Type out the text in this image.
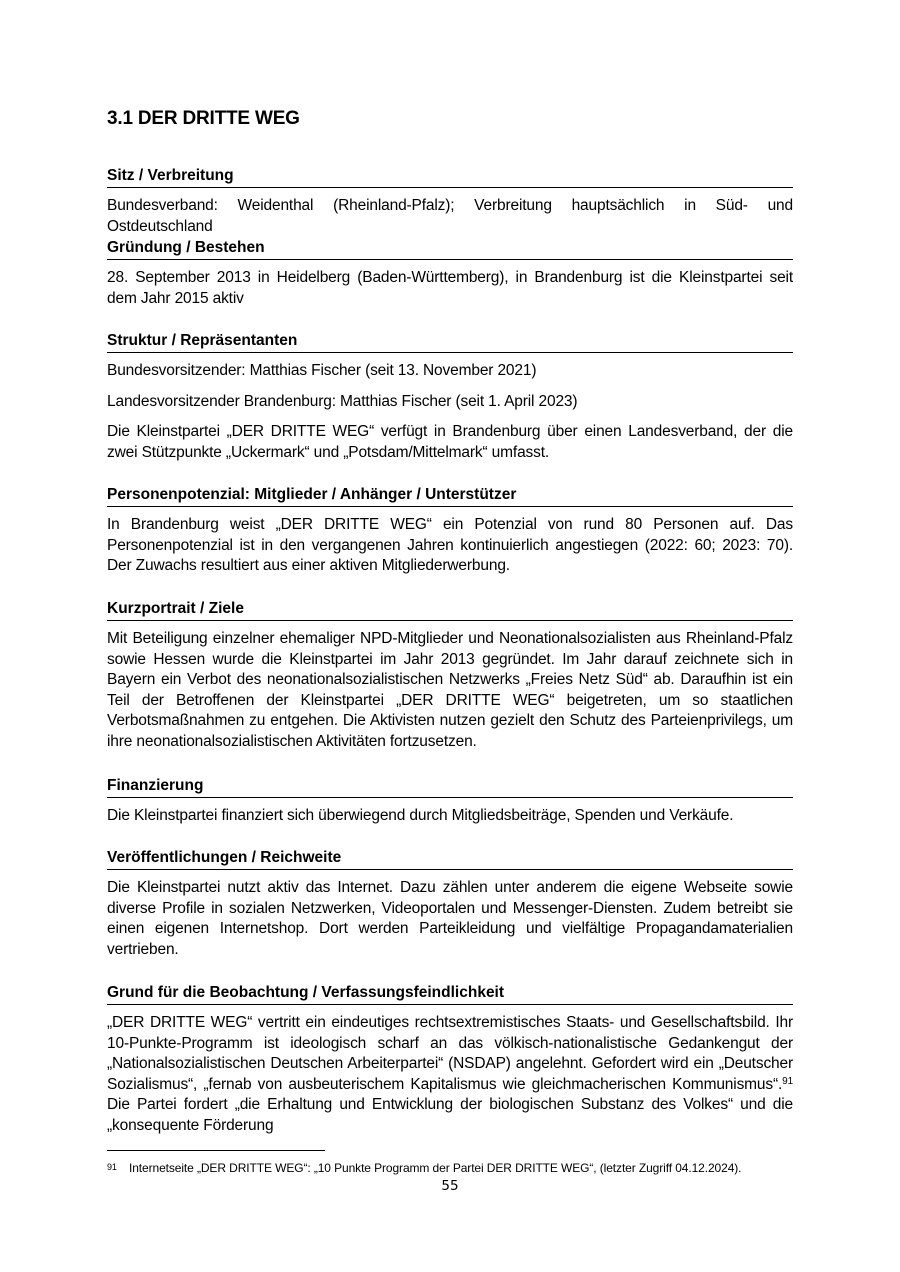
3.1 DER DRITTE WEG
Sitz / Verbreitung

Bundesverband: Weidenthal (Rheinland-Pfalz); Verbreitung hauptsächlich in Süd- und Ostdeutschland

Gründung / Bestehen

28. September 2013 in Heidelberg (Baden-Württemberg), in Brandenburg ist die Kleinstpartei seit dem Jahr 2015 aktiv

Struktur / Repräsentanten

Bundesvorsitzender: Matthias Fischer (seit 13. November 2021)

Landesvorsitzender Brandenburg: Matthias Fischer (seit 1. April 2023)

Die Kleinstpartei „DER DRITTE WEG“ verfügt in Brandenburg über einen Landesverband, der die zwei Stützpunkte „Uckermark“ und „Potsdam/Mittelmark“ umfasst.

Personenpotenzial: Mitglieder / Anhänger / Unterstützer

In Brandenburg weist „DER DRITTE WEG“ ein Potenzial von rund 80 Personen auf. Das Personenpotenzial ist in den vergangenen Jahren kontinuierlich angestiegen (2022: 60; 2023: 70). Der Zuwachs resultiert aus einer aktiven Mitgliederwerbung.

Kurzportrait / Ziele

Mit Beteiligung einzelner ehemaliger NPD-Mitglieder und Neonationalsozialisten aus Rheinland-Pfalz sowie Hessen wurde die Kleinstpartei im Jahr 2013 gegründet. Im Jahr darauf zeichnete sich in Bayern ein Verbot des neonationalsozialistischen Netzwerks „Freies Netz Süd“ ab. Daraufhin ist ein Teil der Betroffenen der Kleinstpartei „DER DRITTE WEG“ beigetreten, um so staatlichen Verbotsmaßnahmen zu entgehen. Die Aktivisten nutzen gezielt den Schutz des Parteienprivilegs, um ihre neonationalsozialistischen Aktivitäten fortzusetzen.

Finanzierung

Die Kleinstpartei finanziert sich überwiegend durch Mitgliedsbeiträge, Spenden und Verkäufe.

Veröffentlichungen / Reichweite

Die Kleinstpartei nutzt aktiv das Internet. Dazu zählen unter anderem die eigene Webseite sowie diverse Profile in sozialen Netzwerken, Videoportalen und Messenger-Diensten. Zudem betreibt sie einen eigenen Internetshop. Dort werden Parteikleidung und vielfältige Propagandamaterialien vertrieben.

Grund für die Beobachtung / Verfassungsfeindlichkeit

„DER DRITTE WEG“ vertritt ein eindeutiges rechtsextremistisches Staats- und Gesellschaftsbild. Ihr 10-Punkte-Programm ist ideologisch scharf an das völkisch-nationalistische Gedankengut der „Nationalsozialistischen Deutschen Arbeiterpartei“ (NSDAP) angelehnt. Gefordert wird ein „Deutscher Sozialismus“, „fernab von ausbeuterischem Kapitalismus wie gleichmacherischen Kommunismus“.$^{91}$ Die Partei fordert „die Erhaltung und Entwicklung der biologischen Substanz des Volkes“ und die „konsequente Förderung

91 Internetseite „DER DRITTE WEG“: „10 Punkte Programm der Partei DER DRITTE WEG“, (letzter Zugriff 04.12.2024).
55
